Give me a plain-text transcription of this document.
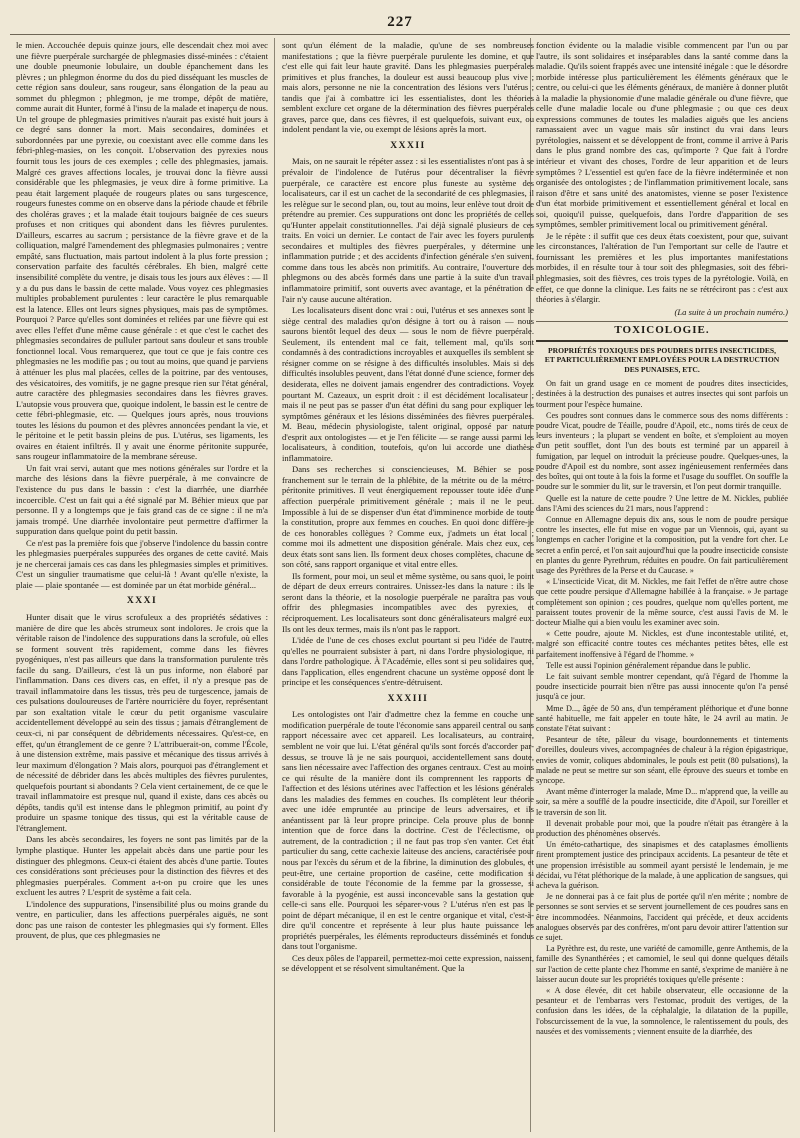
227

le mien. Accouchée depuis quinze jours, elle descendait chez moi avec une fièvre puerpérale surchargée de phlegmasies dissé-minées : c'étaient une double pneumonie lobulaire, un double épanchement dans les plèvres ; un phlegmon énorme du dos du pied disséquant les muscles de cette région sans douleur, sans rougeur, sans élongation de la peau au sommet du phlegmon ; phlegmon, je me trompe, dépôt de matière, comme aurait dit Hunter, formé à l'insu de la malade et inaperçu de nous. Un tel groupe de phlegmasies primitives n'aurait pas existé huit jours à ce degré sans donner la mort. Mais secondaires, dominées et subordonnées par une pyrexie, ou coexistant avec elle comme dans les fébri-phleg-masies, on les conçoit. L'observation des pyrexies nous fournit tous les jours de ces exemples ; celle des phlegmasies, jamais. Malgré ces graves affections locales, je trouvai donc la fièvre aussi considérable que les phlegmasies, je veux dire à forme primitive. La peau était largement plaquée de rougeurs plates ou sans turgescence, rougeurs funestes comme on en observe dans la période chaude et fébrile des choléras graves ; et la malade était toujours baignée de ces sueurs profuses et non critiques qui abondent dans les fièvres purulentes. D'ailleurs, escarres au sacrum ; persistance de la fièvre grave et de la colliquation, malgré l'amendement des phlegmasies pulmonaires ; ventre empâté, sans fluctuation, mais partout indolent à la plus forte pression ; conservation parfaite des facultés cérébrales. Eh bien, malgré cette insensibilité complète du ventre, je disais tous les jours aux élèves : — Il y a du pus dans le bassin de cette malade. Vous voyez ces phlegmasies multiples probablement purulentes : leur caractère le plus remarquable est la latence. Elles ont leurs signes physiques, mais pas de symptômes. Pourquoi ? Parce qu'elles sont dominées et reliées par une fièvre qui est avec elles l'effet d'une même cause générale : et que c'est le cachet des phlegmasies secondaires de pulluler partout sans douleur et sans trouble fonctionnel local. Vous remarquerez, que tout ce que je fais contre ces phlegmasies ne les modifie pas ; ou tout au moins, que quand je parviens à atténuer les plus mal placées, celles de la poitrine, par des ventouses, des vésicatoires, des vomitifs, je ne gagne presque rien sur l'état général, autre caractère des phlegmasies secondaires dans les fièvres graves. L'autopsie vous prouvera que, quoique indolent, le bassin est le centre de cette fébri-phlegmasie, etc. — Quelques jours après, nous trouvions toutes les lésions du poumon et des plèvres annoncées pendant la vie, et le péritoine et le petit bassin pleins de pus. L'utérus, ses ligaments, les ovaires en étaient infiltrés. Il y avait une énorme péritonite suppurée, sans rougeur inflammatoire de la membrane séreuse.

Un fait vrai servi, autant que mes notions générales sur l'ordre et la marche des lésions dans la fièvre puerpérale, à me convaincre de l'existence du pus dans le bassin : c'est la diarrhée, une diarrhée incoercible. C'est un fait qui a été signalé par M. Béhier mieux que par personne. Il y a longtemps que je fais grand cas de ce signe : il ne m'a jamais trompé. Une diarrhée involontaire peut permettre d'affirmer la suppuration dans quelque point du petit bassin.

Ce n'est pas la première fois que j'observe l'indolence du bassin contre les phlegmasies puerpérales suppurées des organes de cette cavité. Mais je ne chercerai jamais ces cas dans les phlegmasies simples et primitives. C'est un singulier traumatisme que celui-là ! Avant qu'elle n'existe, la plaie — plaie spontanée — est dominée par un état morbide général...

XXXI

Hunter disait que le virus scrofuleux a des propriétés sédatives : manière de dire que les abcès strumeux sont indolores. Je crois que la véritable raison de l'indolence des suppurations dans la scrofule, où elles se forment souvent très rapidement, comme dans les fièvres pyogéniques, n'est pas ailleurs que dans la transformation purulente très facile du sang. D'ailleurs, c'est là un pus informe, non élaboré par l'inflammation. Dans ces divers cas, en effet, il n'y a presque pas de travail inflammatoire dans les tissus, très peu de turgescence, jamais de ces pulsations douloureuses de l'artère nourricière du foyer, représentant par son exaltation vitale le cœur du petit organisme vasculaire accidentellement développé au sein des tissus ; jamais d'étranglement de ceux-ci, ni par conséquent de débridements nécessaires. Qu'est-ce, en effet, qu'un étranglement de ce genre ? L'attribuerait-on, comme l'École, à une distension extrême, mais passive et mécanique des tissus arrivés à leur maximum d'élongation ? Mais alors, pourquoi pas d'étranglement et de nécessité de débrider dans les abcès multiples des fièvres purulentes, quelquefois pourtant si abondants ? Cela vient certainement, de ce que le travail inflammatoire est presque nul, quand il existe, dans ces abcès ou dépôts, tandis qu'il est intense dans le phlegmon primitif, au point d'y produire un spasme tonique des tissus, qui est la véritable cause de l'étranglement.

Dans les abcès secondaires, les foyers ne sont pas limités par de la lymphe plastique. Hunter les appelait abcès dans une partie pour les distinguer des phlegmons. Ceux-ci étaient des abcès d'une partie. Toutes ces considérations sont précieuses pour la distinction des fièvres et des phlegmasies puerpérales. Comment a-t-on pu croire que les unes excluent les autres ? L'esprit de système a fait cela.

L'indolence des suppurations, l'insensibilité plus ou moins grande du ventre, en particulier, dans les affections puerpérales aiguës, ne sont donc pas une raison de contester les phlegmasies qui s'y forment. Elles prouvent, de plus, que ces phlegmasies ne

sont qu'un élément de la maladie, qu'une de ses nombreuses manifestations ; que la fièvre puerpérale purulente les domine, et que c'est elle qui fait leur haute gravité. Dans les phlegmasies puerpérales primitives et plus franches, la douleur est aussi beaucoup plus vive ; mais alors, personne ne nie la concentration des lésions vers l'utérus ; tandis que j'ai à combattre ici les essentialistes, dont les théories semblent exclure cet organe de la détermination des fièvres puerpérales graves, parce que, dans ces fièvres, il est quelquefois, suivant eux, ou indolent pendant la vie, ou exempt de lésions après la mort.

XXXII

Mais, on ne saurait le répéter assez : si les essentialistes n'ont pas à se prévaloir de l'indolence de l'utérus pour décentraliser la fièvre puerpérale, ce caractère est encore plus funeste au système des localisateurs, car il est un cachet de la secondarité de ces phlegmasies, il les relègue sur le second plan, ou, tout au moins, leur enlève tout droit de prétendre au premier. Ces suppurations ont donc les propriétés de celles qu'Hunter appelait constitutionnelles. J'ai déjà signalé plusieurs de ces traits. En voici un dernier. Le contact de l'air avec les foyers purulents secondaires et multiples des fièvres puerpérales, y détermine une inflammation putride ; et des accidents d'infection générale s'en suivent, comme dans tous les abcès non primitifs. Au contraire, l'ouverture des phlegmons ou des abcès formés dans une partie à la suite d'un travail inflammatoire primitif, sont ouverts avec avantage, et la pénétration de l'air n'y cause aucune altération.

Les localisateurs disent donc vrai : oui, l'utérus et ses annexes sont le siège central des maladies qu'on désigne à tort ou à raison — nous saurons bientôt lequel des deux — sous le nom de fièvre puerpérale. Seulement, ils entendent mal ce fait, tellement mal, qu'ils sont condamnés à des contradictions incroyables et auxquelles ils semblent se résigner comme on se résigne à des difficultés insolubles. Mais si des difficultés insolubles peuvent, dans l'état donné d'une science, former des desiderata, elles ne doivent jamais engendrer des contradictions. Voyez pourtant M. Cazeaux, un esprit droit : il est décidément localisateur ; mais il ne peut pas se passer d'un état défini du sang pour expliquer les symptômes généraux et les lésions disséminées des fièvres puerpérales. M. Beau, médecin physiologiste, talent original, opposé par nature d'esprit aux ontologistes — et je l'en félicite — se range aussi parmi les localisateurs, à condition, toutefois, qu'on lui accorde une diathèse inflammatoire.

Dans ses recherches si consciencieuses, M. Béhier se pose franchement sur le terrain de la phlébite, de la métrite ou de la métro-péritonite primitives. Il veut énergiquement repousser toute idée d'une affection puerpérale primitivement générale ; mais il ne le peut. Impossible à lui de se dispenser d'un état d'imminence morbide de toute la constitution, propre aux femmes en couches. En quoi donc diffère-je de ces honorables collègues ? Comme eux, j'admets un état local ; comme moi ils admettent une disposition générale. Mais chez eux, ces deux états sont sans lien. Ils forment deux choses complètes, chacune de son côté, sans rapport organique et vital entre elles.

Ils forment, pour moi, un seul et même système, ou sans quoi, le point de départ de deux erreurs contraires. Unissez-les dans la nature : ils le seront dans la théorie, et la nosologie puerpérale ne paraîtra pas vous offrir des phlegmasies incompatibles avec des pyrexies, et réciproquement. Les localisateurs sont donc généralisateurs malgré eux. Ils ont les deux termes, mais ils n'ont pas le rapport.

L'idée de l'une de ces choses exclut pourtant si peu l'idée de l'autre, qu'elles ne pourraient subsister à part, ni dans l'ordre physiologique, ni dans l'ordre pathologique. À l'Académie, elles sont si peu solidaires que, dans l'application, elles engendrent chacune un système opposé dont le principe et les conséquences s'entre-détruisent.

XXXIII

Les ontologistes ont l'air d'admettre chez la femme en couche une modification puerpérale de toute l'économie sans appareil central ou sans rapport nécessaire avec cet appareil. Les localisateurs, au contraire, semblent ne voir que lui. L'état général qu'ils sont forcés d'accorder par-dessus, se trouve là je ne sais pourquoi, accidentellement sans doute, sans lien nécessaire avec l'affection des organes centraux. C'est au moins ce qui résulte de la manière dont ils comprennent les rapports de l'affection et des lésions utérines avec l'affection et les lésions générales dans les maladies des femmes en couches. Ils complètent leur théorie avec une idée empruntée au principe de leurs adversaires, et ils anéantissent par là leur propre principe. Cela prouve plus de bonne intention que de force dans la doctrine. C'est de l'éclectisme, ou autrement, de la contradiction ; il ne faut pas trop s'en vanter. Cet état particulier du sang, cette cachexie laiteuse des anciens, caractérisée pour nous par l'excès du sérum et de la fibrine, la diminution des globules, et peut-être, une certaine proportion de caséine, cette modification si considérable de toute l'économie de la femme par la grossesse, si favorable à la pyogénie, est aussi inconcevable sans la gestation que celle-ci sans elle. Pourquoi les séparer-vous ? L'utérus n'en est pas le point de départ mécanique, il en est le centre organique et vital, c'est-à-dire qu'il concentre et représente à leur plus haute puissance les propriétés puerpérales, les éléments reproducteurs disséminés et fondus dans tout l'organisme.

Ces deux pôles de l'appareil, permettez-moi cette expression, naissent, se développent et se résolvent simultanément. Que la

fonction évidente ou la maladie visible commencent par l'un ou par l'autre, ils sont solidaires et inséparables dans la santé comme dans la maladie. Qu'ils soient frappés avec une intensité inégale : que le désordre morbide intéresse plus particulièrement les éléments généraux que le centre, ou celui-ci que les éléments généraux, de manière à donner plutôt à la maladie la physionomie d'une maladie générale ou d'une fièvre, que celle d'une maladie locale ou d'une phlegmasie ; ou que ces deux expressions communes de toutes les maladies aiguës que les anciens ramassaient avec un vague mais sûr instinct du vrai dans leurs pyrétologies, naissent et se développent de front, comme il arrive à Paris dans le plus grand nombre des cas, qu'importe ? Que fait à l'ordre intérieur et vivant des choses, l'ordre de leur apparition et de leurs symptômes ? L'essentiel est qu'en face de la fièvre indéterminée et non organisée des ontologistes ; de l'inflammation primitivement locale, sans raison d'être et sans unité des anatomistes, vienne se poser l'existence d'un état morbide primitivement et essentiellement général et local en soi, quoiqu'il puisse, quelquefois, dans l'ordre d'apparition de ses symptômes, sembler primitivement local ou primitivement général.

Je le répète : il suffit que ces deux états coexistent, pour que, suivant les circonstances, l'altération de l'un l'emportant sur celle de l'autre et fournissant les premières et les plus importantes manifestations morbides, il en résulte tour à tour soit des phlegmasies, soit des fébri-phlegmasies, soit des fièvres, ces trois types de la pyrétologie. Voilà, en effet, ce que donne la clinique. Les faits ne se rétréciront pas : c'est aux théories à s'élargir.

(La suite à un prochain numéro.)
TOXICOLOGIE.
PROPRIÉTÉS TOXIQUES DES POUDRES DITES INSECTICIDES, ET PARTICULIÈREMENT EMPLOYÉES POUR LA DESTRUCTION DES PUNAISES, ETC.

On fait un grand usage en ce moment de poudres dites insecticides, destinées à la destruction des punaises et autres insectes qui sont parfois un tourment pour l'espèce humaine.

Ces poudres sont connues dans le commerce sous des noms différents : poudre Vicat, poudre de Téaille, poudre d'Apoil, etc., noms tirés de ceux de leurs inventeurs ; la plupart se vendent en boîte, et s'emploient au moyen d'un petit soufflet, dont l'un des bouts est terminé par un appareil à fumigation, par lequel on introduit la précieuse poudre. Quelques-unes, la poudre d'Apoil est du nombre, sont assez ingénieusement renfermées dans des boîtes, qui ont toute à la fois la forme et l'usage du soufflet. On souffle la poudre sur le sommier du lit, sur le traversin, et l'on peut dormir tranquille.

Quelle est la nature de cette poudre ? Une lettre de M. Nickles, publiée dans l'Ami des sciences du 21 mars, nous l'apprend :

Connue en Allemagne depuis dix ans, sous le nom de poudre persique contre les insectes, elle fut mise en vogue par un Viennois, qui, ayant su longtemps en cacher l'origine et la composition, put la vendre fort cher. Le secret a enfin percé, et l'on sait aujourd'hui que la poudre insecticide consiste en plantes du genre Pyrethrum, réduites en poudre. On fait particulièrement usage des Pyrèthres de la Perse et du Caucase. »

« L'insecticide Vicat, dit M. Nickles, me fait l'effet de n'être autre chose que cette poudre persique d'Allemagne habillée à la française. » Je partage complètement son opinion ; ces poudres, quelque nom qu'elles portent, me paraissent toutes provenir de la même source, c'est aussi l'avis de M. le docteur Mialhe qui a bien voulu les examiner avec soin.

« Cette poudre, ajoute M. Nickles, est d'une incontestable utilité, et, malgré son efficacité contre toutes ces méchantes petites bêtes, elle est parfaitement inoffensive à l'égard de l'homme. »

Telle est aussi l'opinion généralement répandue dans le public.

Le fait suivant semble montrer cependant, qu'à l'égard de l'homme la poudre insecticide pourrait bien n'être pas aussi innocente qu'on l'a pensé jusqu'à ce jour.

Mme D..., âgée de 50 ans, d'un tempérament pléthorique et d'une bonne santé habituelle, me fait appeler en toute hâte, le 24 avril au matin. Je constate l'état suivant :

Pesanteur de tête, pâleur du visage, bourdonnements et tintements d'oreilles, douleurs vives, accompagnées de chaleur à la région épigastrique, envies de vomir, coliques abdominales, le pouls est petit (80 pulsations), la malade ne peut se mettre sur son séant, elle éprouve des sueurs et tombe en syncope.

Avant même d'interroger la malade, Mme D... m'apprend que, la veille au soir, sa mère a soufflé de la poudre insecticide, dite d'Apoil, sur l'oreiller et le traversin de son lit.

Il devenait probable pour moi, que la poudre n'était pas étrangère à la production des phénomènes observés.

Un éméto-cathartique, des sinapismes et des cataplasmes émollients firent promptement justice des principaux accidents. La pesanteur de tête et une propension irrésistible au sommeil ayant persisté le lendemain, je me décidai, vu l'état pléthorique de la malade, à une application de sangsues, qui acheva la guérison.

Je ne donnerai pas à ce fait plus de portée qu'il n'en mérite ; nombre de personnes se sont servies et se servent journellement de ces poudres sans en être incommodées. Néanmoins, l'accident qui précède, et deux accidents analogues observés par des confrères, m'ont paru devoir attirer l'attention sur ce sujet.

La Pyrèthre est, du reste, une variété de camomille, genre Anthemis, de la famille des Synanthérées ; et camomiel, le seul qui donne quelques détails sur l'action de cette plante chez l'homme en santé, s'exprime de manière à ne laisser aucun doute sur les propriétés toxiques qu'elle présente :

« A dose élevée, dit cet habile observateur, elle occasionne de la pesanteur et de l'embarras vers l'estomac, produit des vertiges, de la confusion dans les idées, de la céphalalgie, la dilatation de la pupille, l'obscurcissement de la vue, la somnolence, le ralentissement du pouls, des nausées et des vomissements ; viennent ensuite de la diarrhée, des
